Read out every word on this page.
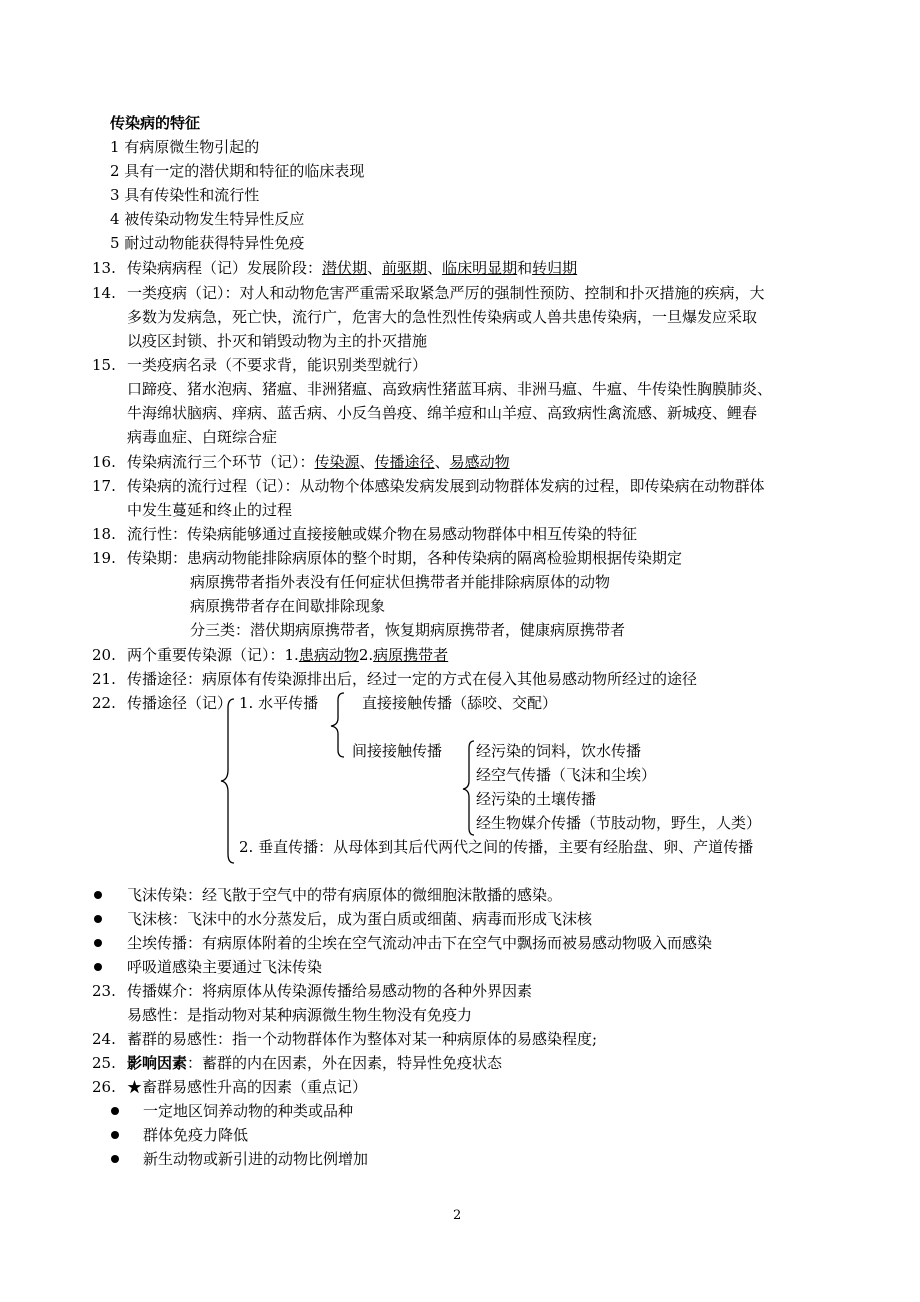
传染病的特征
1 有病原微生物引起的
2 具有一定的潜伏期和特征的临床表现
3 具有传染性和流行性
4 被传染动物发生特异性反应
5 耐过动物能获得特异性免疫
13. 传染病病程（记）发展阶段：潜伏期、前驱期、临床明显期和转归期
14. 一类疫病（记）：对人和动物危害严重需采取紧急严厉的强制性预防、控制和扑灭措施的疾病，大
多数为发病急，死亡快，流行广，危害大的急性烈性传染病或人兽共患传染病，一旦爆发应采取
以疫区封锁、扑灭和销毁动物为主的扑灭措施
15. 一类疫病名录（不要求背，能识别类型就行）
口蹄疫、猪水泡病、猪瘟、非洲猪瘟、高致病性猪蓝耳病、非洲马瘟、牛瘟、牛传染性胸膜肺炎、
牛海绵状脑病、痒病、蓝舌病、小反刍兽疫、绵羊痘和山羊痘、高致病性禽流感、新城疫、鲤春
病毒血症、白斑综合症
16. 传染病流行三个环节（记）：传染源、传播途径、易感动物
17. 传染病的流行过程（记）：从动物个体感染发病发展到动物群体发病的过程，即传染病在动物群体
中发生蔓延和终止的过程
18. 流行性：传染病能够通过直接接触或媒介物在易感动物群体中相互传染的特征
19. 传染期：患病动物能排除病原体的整个时期，各种传染病的隔离检验期根据传染期定
病原携带者指外表没有任何症状但携带者并能排除病原体的动物
病原携带者存在间歇排除现象
分三类：潜伏期病原携带者，恢复期病原携带者，健康病原携带者
20. 两个重要传染源（记）：1.患病动物2.病原携带者
21. 传播途径：病原体有传染源排出后，经过一定的方式在侵入其他易感动物所经过的途径
22. 传播途径（记） 1. 水平传播	直接接触传播（舔咬、交配）
间接接触传播 经污染的饲料，饮水传播
经空气传播（飞沫和尘埃）
经污染的土壤传播
经生物媒介传播（节肢动物，野生，人类）
2. 垂直传播：从母体到其后代两代之间的传播，主要有经胎盘、卵、产道传播
飞沫传染：经飞散于空气中的带有病原体的微细胞沫散播的感染。
飞沫核：飞沫中的水分蒸发后，成为蛋白质或细菌、病毒而形成飞沫核
尘埃传播：有病原体附着的尘埃在空气流动冲击下在空气中飘扬而被易感动物吸入而感染
呼吸道感染主要通过飞沫传染
23. 传播媒介：将病原体从传染源传播给易感动物的各种外界因素
易感性：是指动物对某种病源微生物生物没有免疫力
24. 蓄群的易感性：指一个动物群体作为整体对某一种病原体的易感染程度;
25. 影响因素：蓄群的内在因素，外在因素，特异性免疫状态
26. ★畜群易感性升高的因素（重点记）
一定地区饲养动物的种类或品种
群体免疫力降低
新生动物或新引进的动物比例增加
2
